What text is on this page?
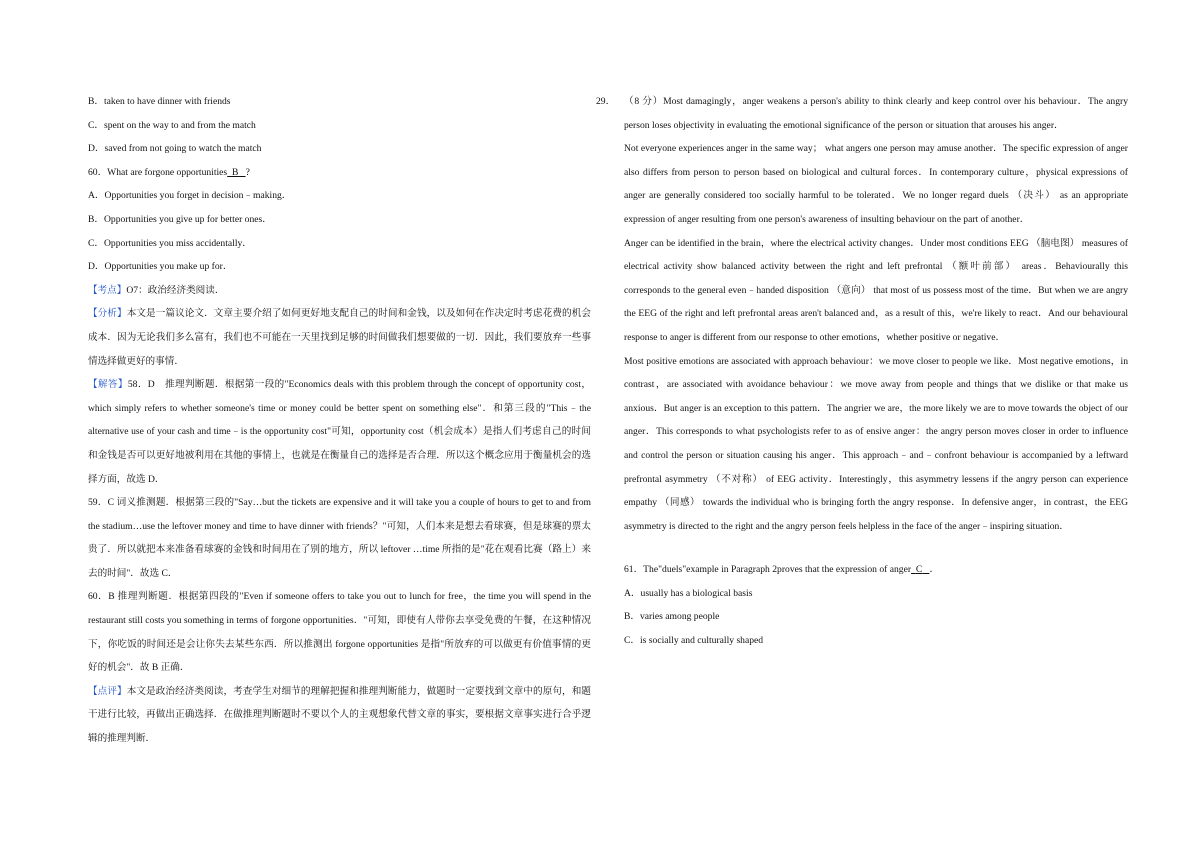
B．taken to have dinner with friends

C．spent on the way to and from the match

D．saved from not going to watch the match

60．What are forgone opportunities B ?

A．Opportunities you forget in decision﹣making．

B．Opportunities you give up for better ones．

C．Opportunities you miss accidentally．

D．Opportunities you make up for．

【考点】O7：政治经济类阅读．

【分析】本文是一篇议论文．文章主要介绍了如何更好地支配自己的时间和金钱，以及如何在作决定时考虑花费的机会成本．因为无论我们多么富有，我们也不可能在一天里找到足够的时间做我们想要做的一切．因此，我们要放弃一些事情选择做更好的事情．

【解答】58．D　推理判断题．根据第一段的"Economics deals with this problem through the concept of opportunity cost，which simply refers to whether someone's time or money could be better spent on something else"．和第三段的"This﹣the alternative use of your cash and time﹣is the opportunity cost"可知，opportunity cost（机会成本）是指人们考虑自己的时间和金钱是否可以更好地被利用在其他的事情上，也就是在衡量自己的选择是否合理．所以这个概念应用于衡量机会的选择方面，故选 D．

59．C 词义推测题．根据第三段的"Say…but the tickets are expensive and it will take you a couple of hours to get to and from the stadium…use the leftover money and time to have dinner with friends？"可知，人们本来是想去看球赛，但是球赛的票太贵了．所以就把本来准备看球赛的金钱和时间用在了别的地方，所以 leftover …time 所指的是"花在观看比赛（路上）来去的时间"．故选 C．

60．B 推理判断题．根据第四段的"Even if someone offers to take you out to lunch for free，the time you will spend in the restaurant still costs you something in terms of forgone opportunities．"可知，即使有人带你去享受免费的午餐，在这种情况下，你吃饭的时间还是会让你失去某些东西．所以推测出 forgone opportunities 是指"所放弃的可以做更有价值事情的更好的机会"．故 B 正确．

【点评】本文是政治经济类阅读，考查学生对细节的理解把握和推理判断能力，做题时一定要找到文章中的原句，和题干进行比较，再做出正确选择．在做推理判断题时不要以个人的主观想象代替文章的事实，要根据文章事实进行合乎逻辑的推理判断．

29． （8 分）Most damagingly，anger weakens a person's ability to think clearly and keep control over his behaviour．The angry person loses objectivity in evaluating the emotional significance of the person or situation that arouses his anger．

Not everyone experiences anger in the same way； what angers one person may amuse another．The specific expression of anger also differs from person to person based on biological and cultural forces．In contemporary culture，physical expressions of anger are generally considered too socially harmful to be tolerated．We no longer regard duels （决斗） as an appropriate expression of anger resulting from one person's awareness of insulting behaviour on the part of another．

Anger can be identified in the brain，where the electrical activity changes．Under most conditions EEG （脑电图） measures of electrical activity show balanced activity between the right and left prefrontal （额叶前部） areas．Behaviourally this corresponds to the general even﹣handed disposition （意向） that most of us possess most of the time．But when we are angry the EEG of the right and left prefrontal areas aren't balanced and，as a result of this，we're likely to react．And our behavioural response to anger is different from our response to other emotions，whether positive or negative．

Most positive emotions are associated with approach behaviour：we move closer to people we like．Most negative emotions，in contrast，are associated with avoidance behaviour：we move away from people and things that we dislike or that make us anxious．But anger is an exception to this pattern．The angrier we are，the more likely we are to move towards the object of our anger．This corresponds to what psychologists refer to as of ensive anger：the angry person moves closer in order to influence and control the person or situation causing his anger．This approach﹣and﹣confront behaviour is accompanied by a leftward prefrontal asymmetry （不对称） of EEG activity．Interestingly，this asymmetry lessens if the angry person can experience empathy （同感） towards the individual who is bringing forth the angry response．In defensive anger，in contrast，the EEG asymmetry is directed to the right and the angry person feels helpless in the face of the anger﹣inspiring situation．

61．The"duels"example in Paragraph 2proves that the expression of anger C ．

A．usually has a biological basis

B．varies among people

C．is socially and culturally shaped
